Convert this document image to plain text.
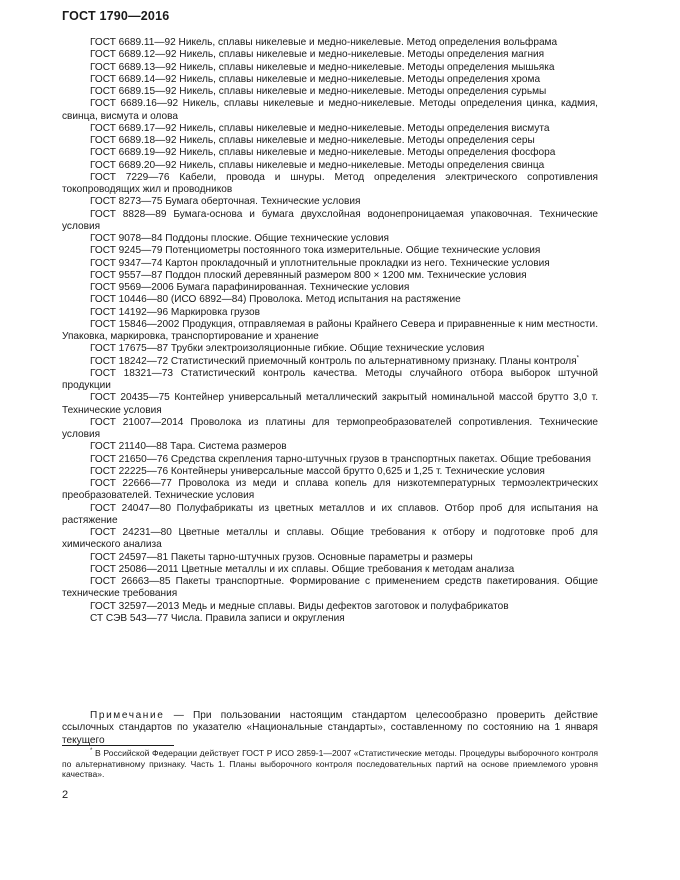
ГОСТ 1790—2016

ГОСТ 6689.11—92 Никель, сплавы никелевые и медно-никелевые. Метод определения вольфрама

ГОСТ 6689.12—92 Никель, сплавы никелевые и медно-никелевые. Методы определения магния

ГОСТ 6689.13—92 Никель, сплавы никелевые и медно-никелевые. Методы определения мышьяка

ГОСТ 6689.14—92 Никель, сплавы никелевые и медно-никелевые. Методы определения хрома

ГОСТ 6689.15—92 Никель, сплавы никелевые и медно-никелевые. Методы определения сурьмы

ГОСТ 6689.16—92 Никель, сплавы никелевые и медно-никелевые. Методы определения цинка, кадмия, свинца, висмута и олова

ГОСТ 6689.17—92 Никель, сплавы никелевые и медно-никелевые. Методы определения висмута

ГОСТ 6689.18—92 Никель, сплавы никелевые и медно-никелевые. Методы определения серы

ГОСТ 6689.19—92 Никель, сплавы никелевые и медно-никелевые. Методы определения фосфора

ГОСТ 6689.20—92 Никель, сплавы никелевые и медно-никелевые. Методы определения свинца

ГОСТ 7229—76 Кабели, провода и шнуры. Метод определения электрического сопротивления токопроводящих жил и проводников

ГОСТ 8273—75 Бумага оберточная. Технические условия

ГОСТ 8828—89 Бумага-основа и бумага двухслойная водонепроницаемая упаковочная. Технические условия

ГОСТ 9078—84 Поддоны плоские. Общие технические условия

ГОСТ 9245—79 Потенциометры постоянного тока измерительные. Общие технические условия

ГОСТ 9347—74 Картон прокладочный и уплотнительные прокладки из него. Технические условия

ГОСТ 9557—87 Поддон плоский деревянный размером 800 × 1200 мм. Технические условия

ГОСТ 9569—2006 Бумага парафинированная. Технические условия

ГОСТ 10446—80 (ИСО 6892—84) Проволока. Метод испытания на растяжение

ГОСТ 14192—96 Маркировка грузов

ГОСТ 15846—2002 Продукция, отправляемая в районы Крайнего Севера и приравненные к ним местности. Упаковка, маркировка, транспортирование и хранение

ГОСТ 17675—87 Трубки электроизоляционные гибкие. Общие технические условия

ГОСТ 18242—72 Статистический приемочный контроль по альтернативному признаку. Планы контроля*

ГОСТ 18321—73 Статистический контроль качества. Методы случайного отбора выборок штучной продукции

ГОСТ 20435—75 Контейнер универсальный металлический закрытый номинальной массой брутто 3,0 т. Технические условия

ГОСТ 21007—2014 Проволока из платины для термопреобразователей сопротивления. Технические условия

ГОСТ 21140—88 Тара. Система размеров

ГОСТ 21650—76 Средства скрепления тарно-штучных грузов в транспортных пакетах. Общие требования

ГОСТ 22225—76 Контейнеры универсальные массой брутто 0,625 и 1,25 т. Технические условия

ГОСТ 22666—77 Проволока из меди и сплава копель для низкотемпературных термоэлектрических преобразователей. Технические условия

ГОСТ 24047—80 Полуфабрикаты из цветных металлов и их сплавов. Отбор проб для испытания на растяжение

ГОСТ 24231—80 Цветные металлы и сплавы. Общие требования к отбору и подготовке проб для химического анализа

ГОСТ 24597—81 Пакеты тарно-штучных грузов. Основные параметры и размеры

ГОСТ 25086—2011 Цветные металлы и их сплавы. Общие требования к методам анализа

ГОСТ 26663—85 Пакеты транспортные. Формирование с применением средств пакетирования. Общие технические требования

ГОСТ 32597—2013 Медь и медные сплавы. Виды дефектов заготовок и полуфабрикатов

СТ СЭВ 543—77 Числа. Правила записи и округления

Примечание — При пользовании настоящим стандартом целесообразно проверить действие ссылочных стандартов по указателю «Национальные стандарты», составленному по состоянию на 1 января текущего

* В Российской Федерации действует ГОСТ Р ИСО 2859-1—2007 «Статистические методы. Процедуры выборочного контроля по альтернативному признаку. Часть 1. Планы выборочного контроля последовательных партий на основе приемлемого уровня качества».

2
